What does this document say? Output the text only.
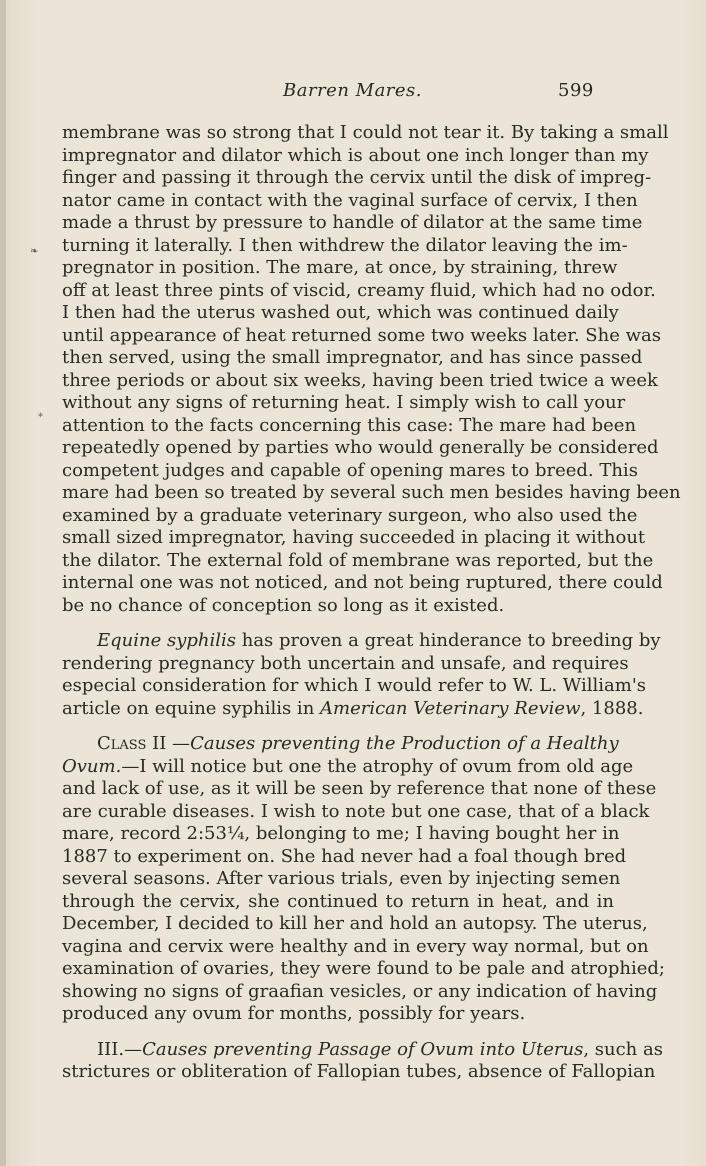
Barren Mares.	599
❧
*
membrane was so strong that I could not tear it. By taking a small
impregnator and dilator which is about one inch longer than my
finger and passing it through the cervix until the disk of impreg-
nator came in contact with the vaginal surface of cervix, I then
made a thrust by pressure to handle of dilator at the same time
turning it laterally. I then withdrew the dilator leaving the im-
pregnator in position. The mare, at once, by straining, threw
off at least three pints of viscid, creamy fluid, which had no odor.
I then had the uterus washed out, which was continued daily
until appearance of heat returned some two weeks later. She was
then served, using the small impregnator, and has since passed
three periods or about six weeks, having been tried twice a week
without any signs of returning heat. I simply wish to call your
attention to the facts concerning this case: The mare had been
repeatedly opened by parties who would generally be considered
competent judges and capable of opening mares to breed. This
mare had been so treated by several such men besides having been
examined by a graduate veterinary surgeon, who also used the
small sized impregnator, having succeeded in placing it without
the dilator. The external fold of membrane was reported, but the
internal one was not noticed, and not being ruptured, there could
be no chance of conception so long as it existed.
Equine syphilis has proven a great hinderance to breeding by
rendering pregnancy both uncertain and unsafe, and requires
especial consideration for which I would refer to W. L. William's
article on equine syphilis in American Veterinary Review, 1888.
Class II —Causes preventing the Production of a Healthy
Ovum.—I will notice but one the atrophy of ovum from old age
and lack of use, as it will be seen by reference that none of these
are curable diseases. I wish to note but one case, that of a black
mare, record 2:53¼, belonging to me; I having bought her in
1887 to experiment on. She had never had a foal though bred
several seasons. After various trials, even by injecting semen
through the cervix, she continued to return in heat, and in
December, I decided to kill her and hold an autopsy. The uterus,
vagina and cervix were healthy and in every way normal, but on
examination of ovaries, they were found to be pale and atrophied;
showing no signs of graafian vesicles, or any indication of having
produced any ovum for months, possibly for years.
III.—Causes preventing Passage of Ovum into Uterus, such as
strictures or obliteration of Fallopian tubes, absence of Fallopian
